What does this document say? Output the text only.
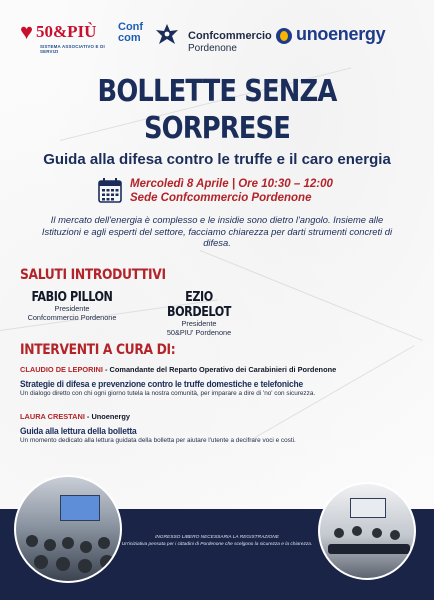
♥ 50&PIÙ
SISTEMA ASSOCIATIVO E DI SERVIZI
Conf
com	Confcommercio
Pordenone
unoenergy
BOLLETTE SENZA
SORPRESE
Guida alla difesa contro le truffe e il caro energia
Mercoledì 8 Aprile | Ore 10:30 – 12:00
Sede Confcommercio Pordenone
Il mercato dell'energia è complesso e le insidie sono dietro l'angolo. Insieme alle Istituzioni e agli esperti del settore, facciamo chiarezza per darti strumenti concreti di difesa.
SALUTI INTRODUTTIVI
FABIO PILLON
Presidente
Confcommercio Pordenone
EZIO BORDELOT
Presidente
50&PIU' Pordenone
INTERVENTI A CURA DI:
CLAUDIO DE LEPORINI - Comandante del Reparto Operativo dei Carabinieri di Pordenone
Strategie di difesa e prevenzione contro le truffe domestiche e telefoniche
Un dialogo diretto con chi ogni giorno tutela la nostra comunità, per imparare a dire di 'no' con sicurezza.
LAURA CRESTANI - Unoenergy
Guida alla lettura della bolletta
Un momento dedicato alla lettura guidata della bolletta per aiutare l'utente a decifrare voci e costi.
INGRESSO LIBERO NECESSARIA LA REGISTRAZIONE
Un'iniziativa pensata per i cittadini di Pordenone che scelgono la sicurezza e la chiarezza.
